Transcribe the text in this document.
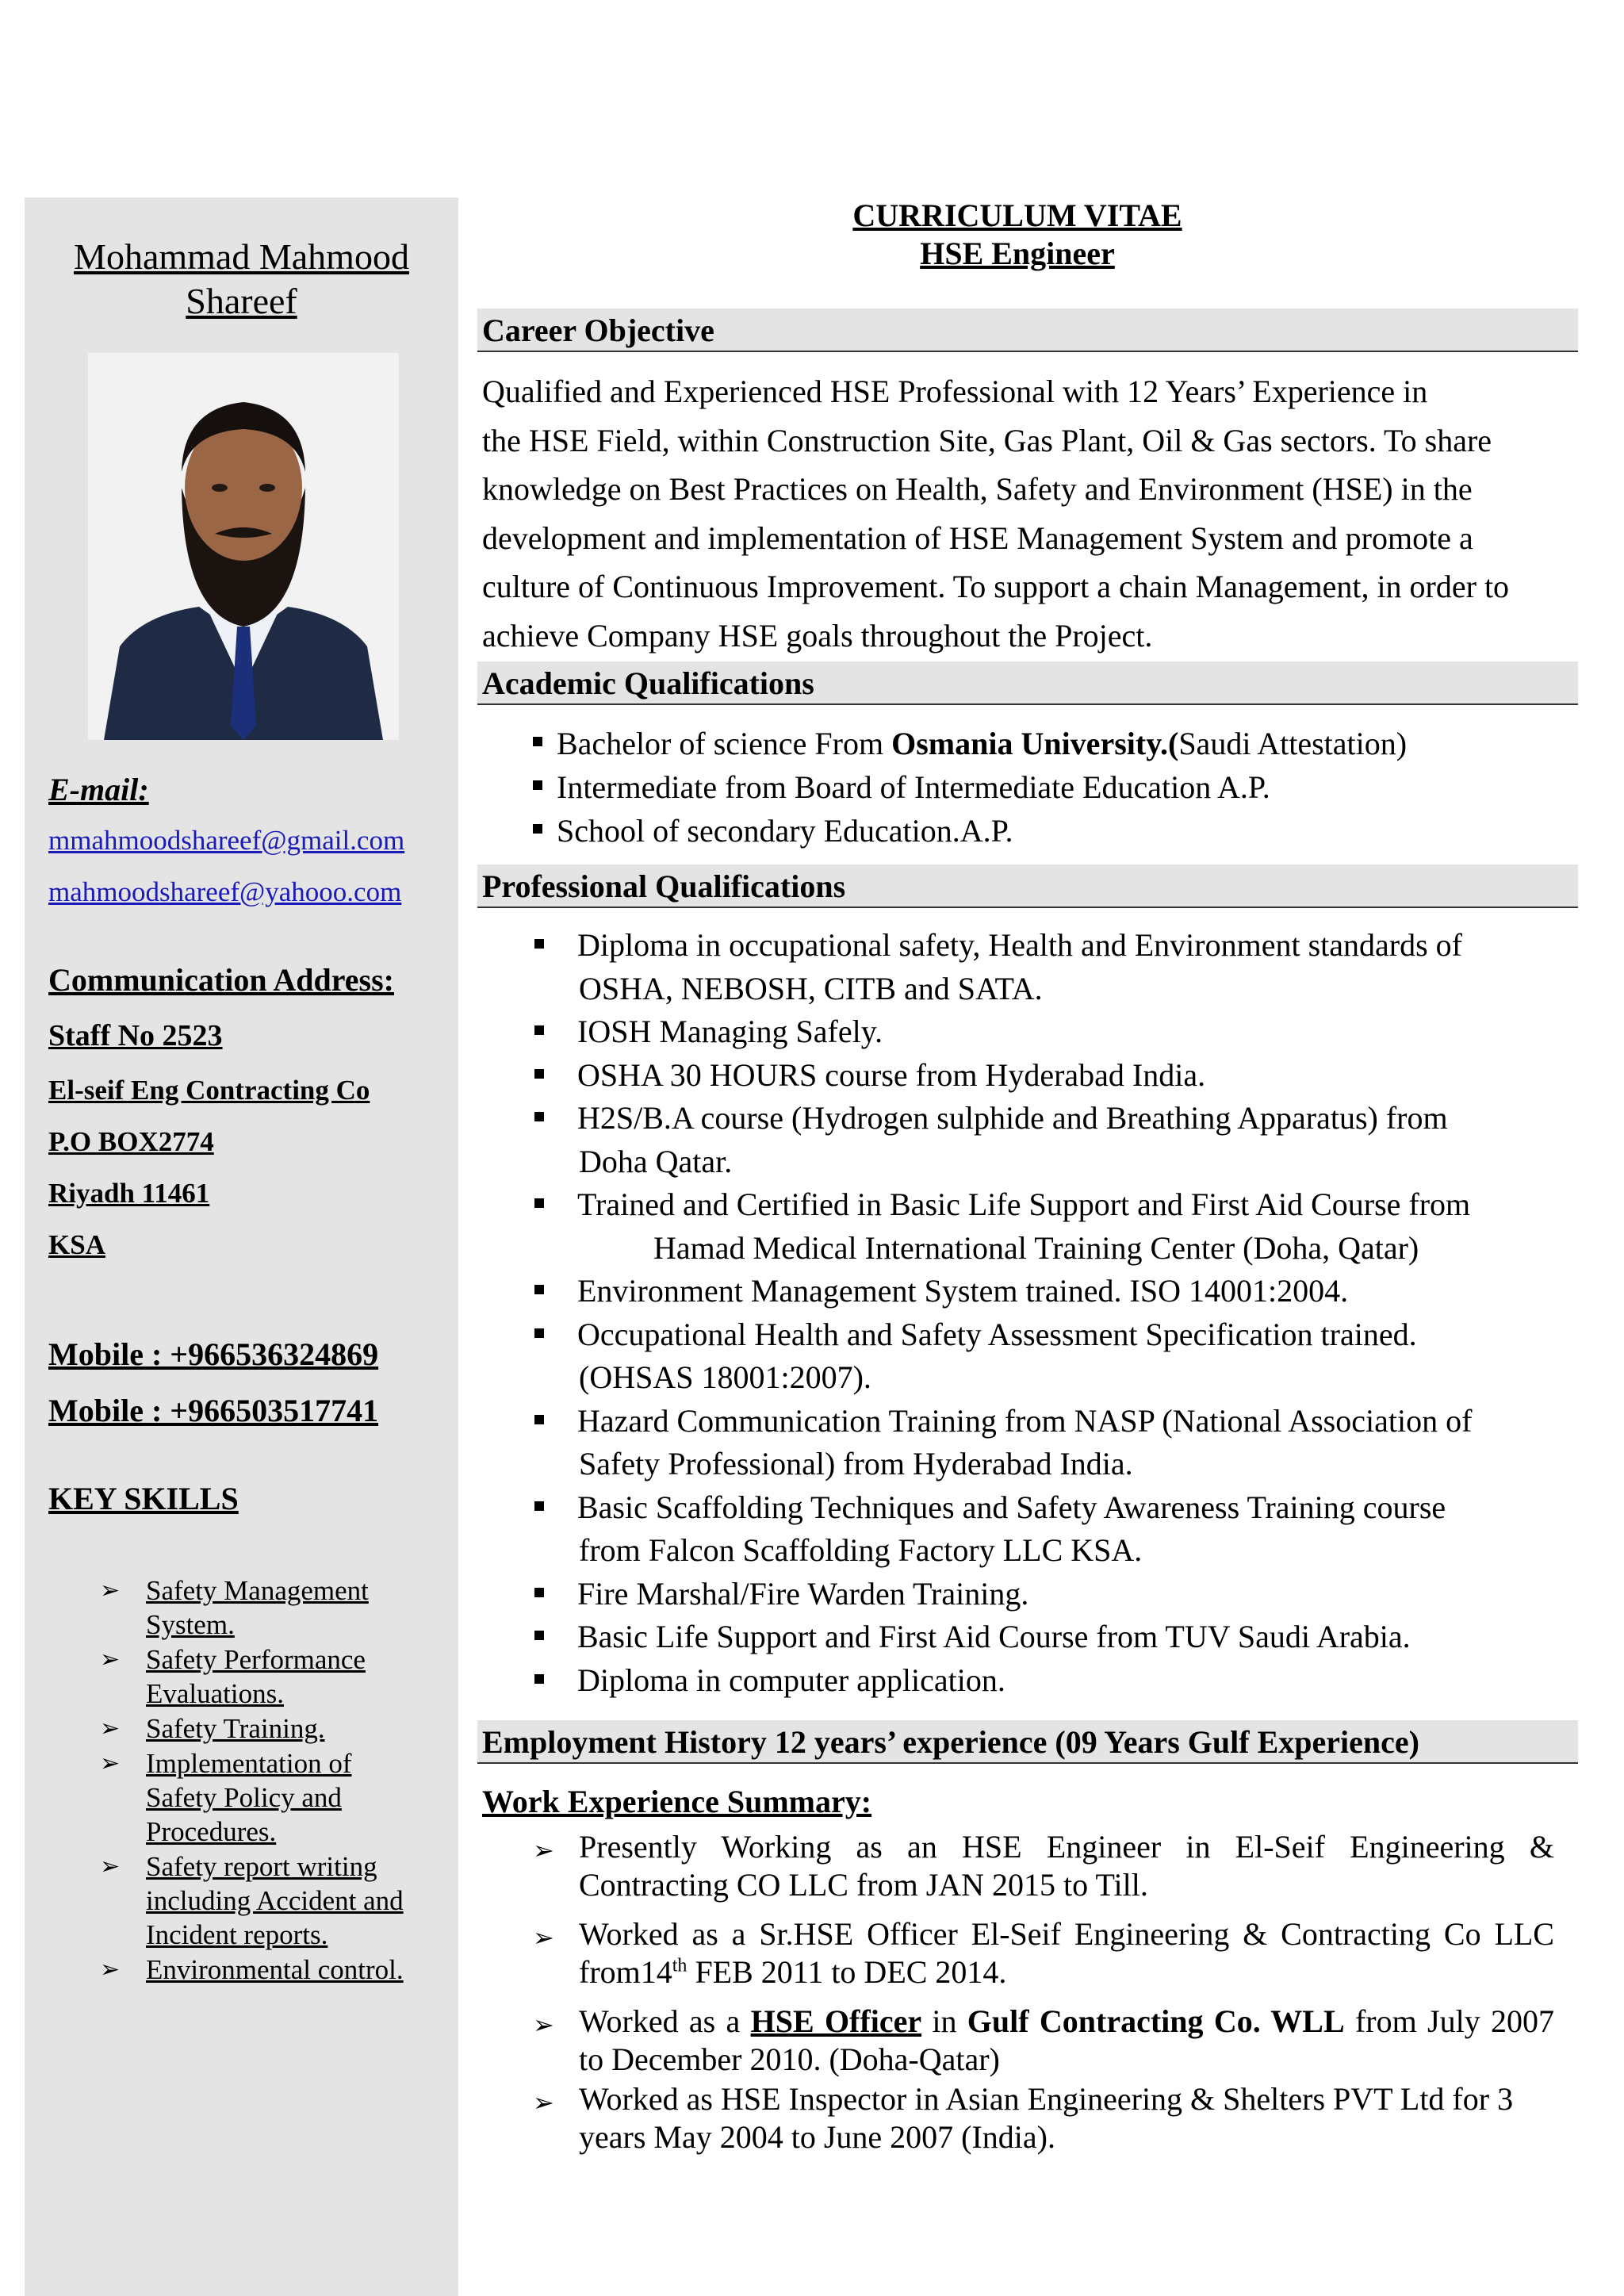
Mohammad Mahmood
Shareef
E-mail:
mmahmoodshareef@gmail.com
mahmoodshareef@yahooo.com
Communication Address:
Staff No 2523
El-seif Eng Contracting Co
P.O BOX2774
Riyadh 11461
KSA
Mobile : +966536324869
Mobile : +966503517741
KEY SKILLS
➢ Safety Management
System.
➢ Safety Performance
Evaluations.
➢ Safety Training.
➢ Implementation of
Safety Policy and
Procedures.
➢ Safety report writing
including Accident and
Incident reports.
➢ Environmental control.
CURRICULUM VITAE
HSE Engineer
Career Objective
Qualified and Experienced HSE Professional with 12 Years’ Experience in
the HSE Field, within Construction Site, Gas Plant, Oil & Gas sectors. To share
knowledge on Best Practices on Health, Safety and Environment (HSE) in the
development and implementation of HSE Management System and promote a
culture of Continuous Improvement. To support a chain Management, in order to
achieve Company HSE goals throughout the Project.
Academic Qualifications
Bachelor of science From Osmania University.(Saudi Attestation)
Intermediate from Board of Intermediate Education A.P.
School of secondary Education.A.P.
Professional Qualifications
Diploma in occupational safety, Health and Environment standards of
OSHA, NEBOSH, CITB and SATA.
IOSH Managing Safely.
OSHA 30 HOURS course from Hyderabad India.
H2S/B.A course (Hydrogen sulphide and Breathing Apparatus) from
Doha Qatar.
Trained and Certified in Basic Life Support and First Aid Course from
Hamad Medical International Training Center (Doha, Qatar)
Environment Management System trained. ISO 14001:2004.
Occupational Health and Safety Assessment Specification trained.
(OHSAS 18001:2007).
Hazard Communication Training from NASP (National Association of
Safety Professional) from Hyderabad India.
Basic Scaffolding Techniques and Safety Awareness Training course
from Falcon Scaffolding Factory LLC KSA.
Fire Marshal/Fire Warden Training.
Basic Life Support and First Aid Course from TUV Saudi Arabia.
Diploma in computer application.
Employment History 12 years’ experience (09 Years Gulf Experience)
Work Experience Summary:
➢ Presently Working as an HSE Engineer in El-Seif Engineering & Contracting CO LLC from JAN 2015 to Till.
➢ Worked as a Sr.HSE Officer El-Seif Engineering & Contracting Co LLC from14th FEB 2011 to DEC 2014.
➢ Worked as a HSE Officer in Gulf Contracting Co. WLL from July 2007 to December 2010. (Doha-Qatar)
➢ Worked as HSE Inspector in Asian Engineering & Shelters PVT Ltd for 3 years May 2004 to June 2007 (India).
